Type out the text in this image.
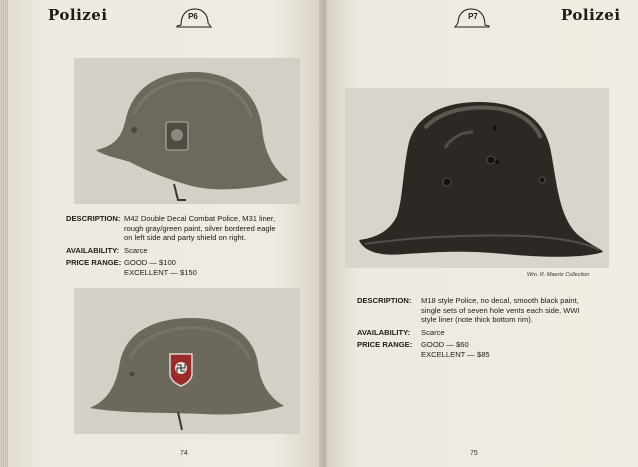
Polizei	P6
DESCRIPTION: M42 Double Decal Combat Police, M31 liner,
rough gray/green paint, silver bordered eagle
on left side and party shield on right.
AVAILABILITY: Scarce
PRICE RANGE: GOOD — $100
EXCELLENT — $150
74
P7	Polizei
Wm. R. Maertz Collection
DESCRIPTION:	M18 style Police, no decal, smooth black paint,
single sets of seven hole vents each side, WWI
style liner (note thick bottom rim).
AVAILABILITY:	Scarce
PRICE RANGE:	GOOD — $60
EXCELLENT — $85
75
